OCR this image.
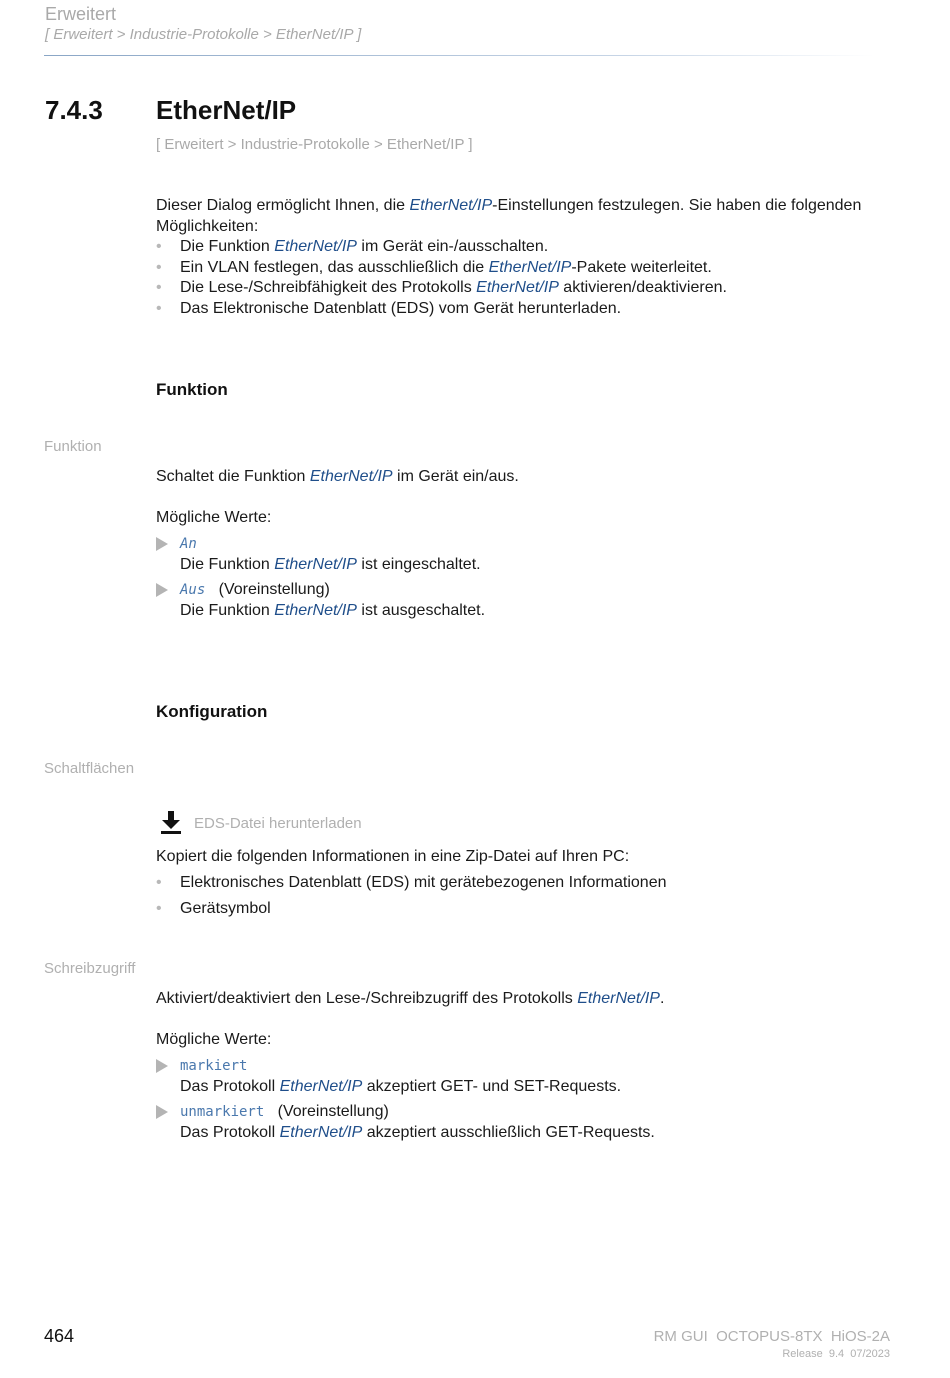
Erweitert
[ Erweitert > Industrie-Protokolle > EtherNet/IP ]
7.4.3 EtherNet/IP
[ Erweitert > Industrie-Protokolle > EtherNet/IP ]
Dieser Dialog ermöglicht Ihnen, die EtherNet/IP-Einstellungen festzulegen. Sie haben die folgenden Möglichkeiten:
• Die Funktion EtherNet/IP im Gerät ein-/ausschalten.
• Ein VLAN festlegen, das ausschließlich die EtherNet/IP-Pakete weiterleitet.
• Die Lese-/Schreibfähigkeit des Protokolls EtherNet/IP aktivieren/deaktivieren.
• Das Elektronische Datenblatt (EDS) vom Gerät herunterladen.
Funktion
Funktion
Schaltet die Funktion EtherNet/IP im Gerät ein/aus.
Mögliche Werte:
An
Die Funktion EtherNet/IP ist eingeschaltet.
Aus (Voreinstellung)
Die Funktion EtherNet/IP ist ausgeschaltet.
Konfiguration
Schaltflächen
EDS-Datei herunterladen
Kopiert die folgenden Informationen in eine Zip-Datei auf Ihren PC:
• Elektronisches Datenblatt (EDS) mit gerätebezogenen Informationen
• Gerätsymbol
Schreibzugriff
Aktiviert/deaktiviert den Lese-/Schreibzugriff des Protokolls EtherNet/IP.
Mögliche Werte:
markiert
Das Protokoll EtherNet/IP akzeptiert GET- und SET-Requests.
unmarkiert (Voreinstellung)
Das Protokoll EtherNet/IP akzeptiert ausschließlich GET-Requests.
464	RM GUI  OCTOPUS-8TX  HiOS-2A
Release  9.4  07/2023
